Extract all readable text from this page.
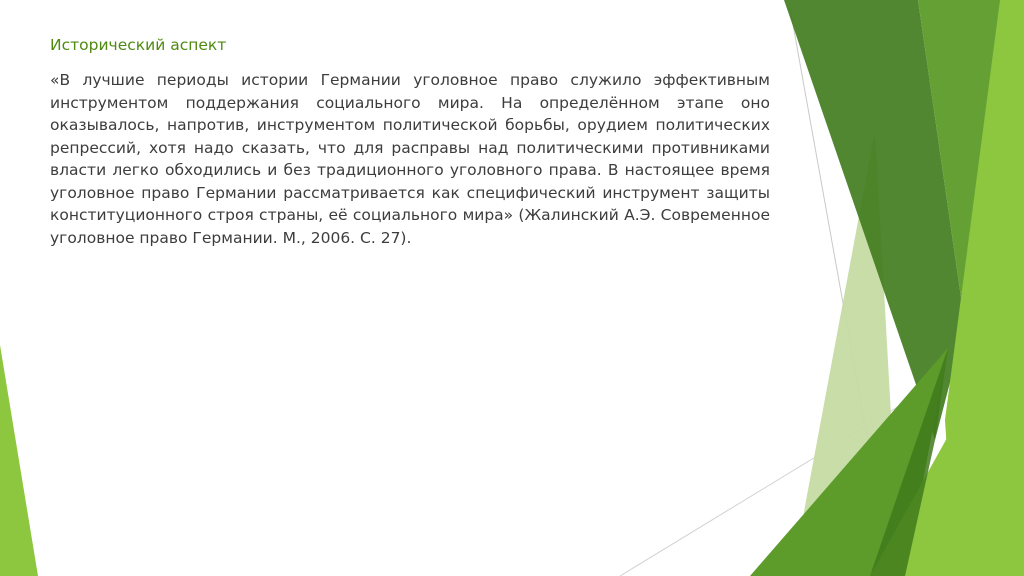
Исторический аспект

«В лучшие периоды истории Германии уголовное право служило эффективным инструментом поддержания социального мира. На определённом этапе оно оказывалось, напротив, инструментом политической борьбы, орудием политических репрессий, хотя надо сказать, что для расправы над политическими противниками власти легко обходились и без традиционного уголовного права. В настоящее время уголовное право Германии рассматривается как специфический инструмент защиты конституционного строя страны, её социального мира» (Жалинский А.Э. Современное уголовное право Германии. М., 2006. С. 27).
